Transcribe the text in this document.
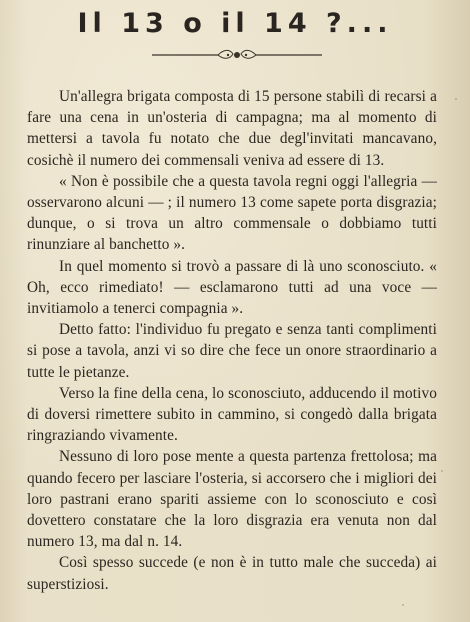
Il 13 o il 14 ?...

Un'allegra brigata composta di 15 persone stabilì di recarsi a fare una cena in un'osteria di campagna; ma al momento di mettersi a tavola fu notato che due degl'invitati mancavano, cosichè il numero dei commensali veniva ad essere di 13.

« Non è possibile che a questa tavola regni oggi l'allegria — osservarono alcuni — ; il numero 13 come sapete porta disgrazia; dunque, o si trova un altro commensale o dobbiamo tutti rinunziare al banchetto ».

In quel momento si trovò a passare di là uno sconosciuto. « Oh, ecco rimediato! — esclamarono tutti ad una voce — invitiamolo a tenerci compagnia ».

Detto fatto: l'individuo fu pregato e senza tanti complimenti si pose a tavola, anzi vi so dire che fece un onore straordinario a tutte le pietanze.

Verso la fine della cena, lo sconosciuto, adducendo il motivo di doversi rimettere subito in cammino, si congedò dalla brigata ringraziando vivamente.

Nessuno di loro pose mente a questa partenza frettolosa; ma quando fecero per lasciare l'osteria, si accorsero che i migliori dei loro pastrani erano spariti assieme con lo sconosciuto e così dovettero constatare che la loro disgrazia era venuta non dal numero 13, ma dal n. 14.

Così spesso succede (e non è in tutto male che succeda) ai superstiziosi.
